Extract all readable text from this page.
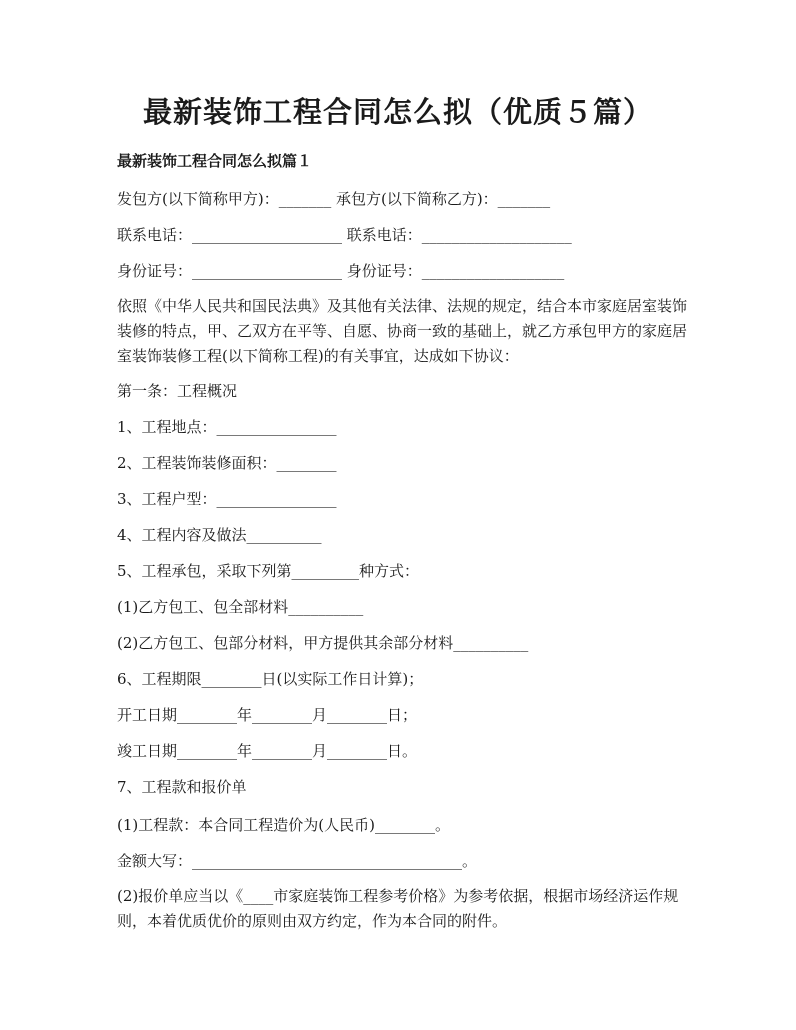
最新装饰工程合同怎么拟（优质５篇）
最新装饰工程合同怎么拟篇１
发包方(以下简称甲方)：_______ 承包方(以下简称乙方)：_______
联系电话：____________________ 联系电话：____________________
身份证号：____________________ 身份证号：___________________
依照《中华人民共和国民法典》及其他有关法律、法规的规定，结合本市家庭居室装饰装修的特点，甲、乙双方在平等、自愿、协商一致的基础上，就乙方承包甲方的家庭居室装饰装修工程(以下简称工程)的有关事宜，达成如下协议：
第一条：工程概况
1、工程地点：________________
2、工程装饰装修面积：________
3、工程户型：________________
4、工程内容及做法__________
5、工程承包，采取下列第_________种方式：
(1)乙方包工、包全部材料__________
(2)乙方包工、包部分材料，甲方提供其余部分材料__________
6、工程期限________日(以实际工作日计算)；
开工日期________年________月________日；
竣工日期________年________月________日。
7、工程款和报价单
(1)工程款：本合同工程造价为(人民币)________。
金额大写：____________________________________。
(2)报价单应当以《____市家庭装饰工程参考价格》为参考依据，根据市场经济运作规则，本着优质优价的原则由双方约定，作为本合同的附件。
